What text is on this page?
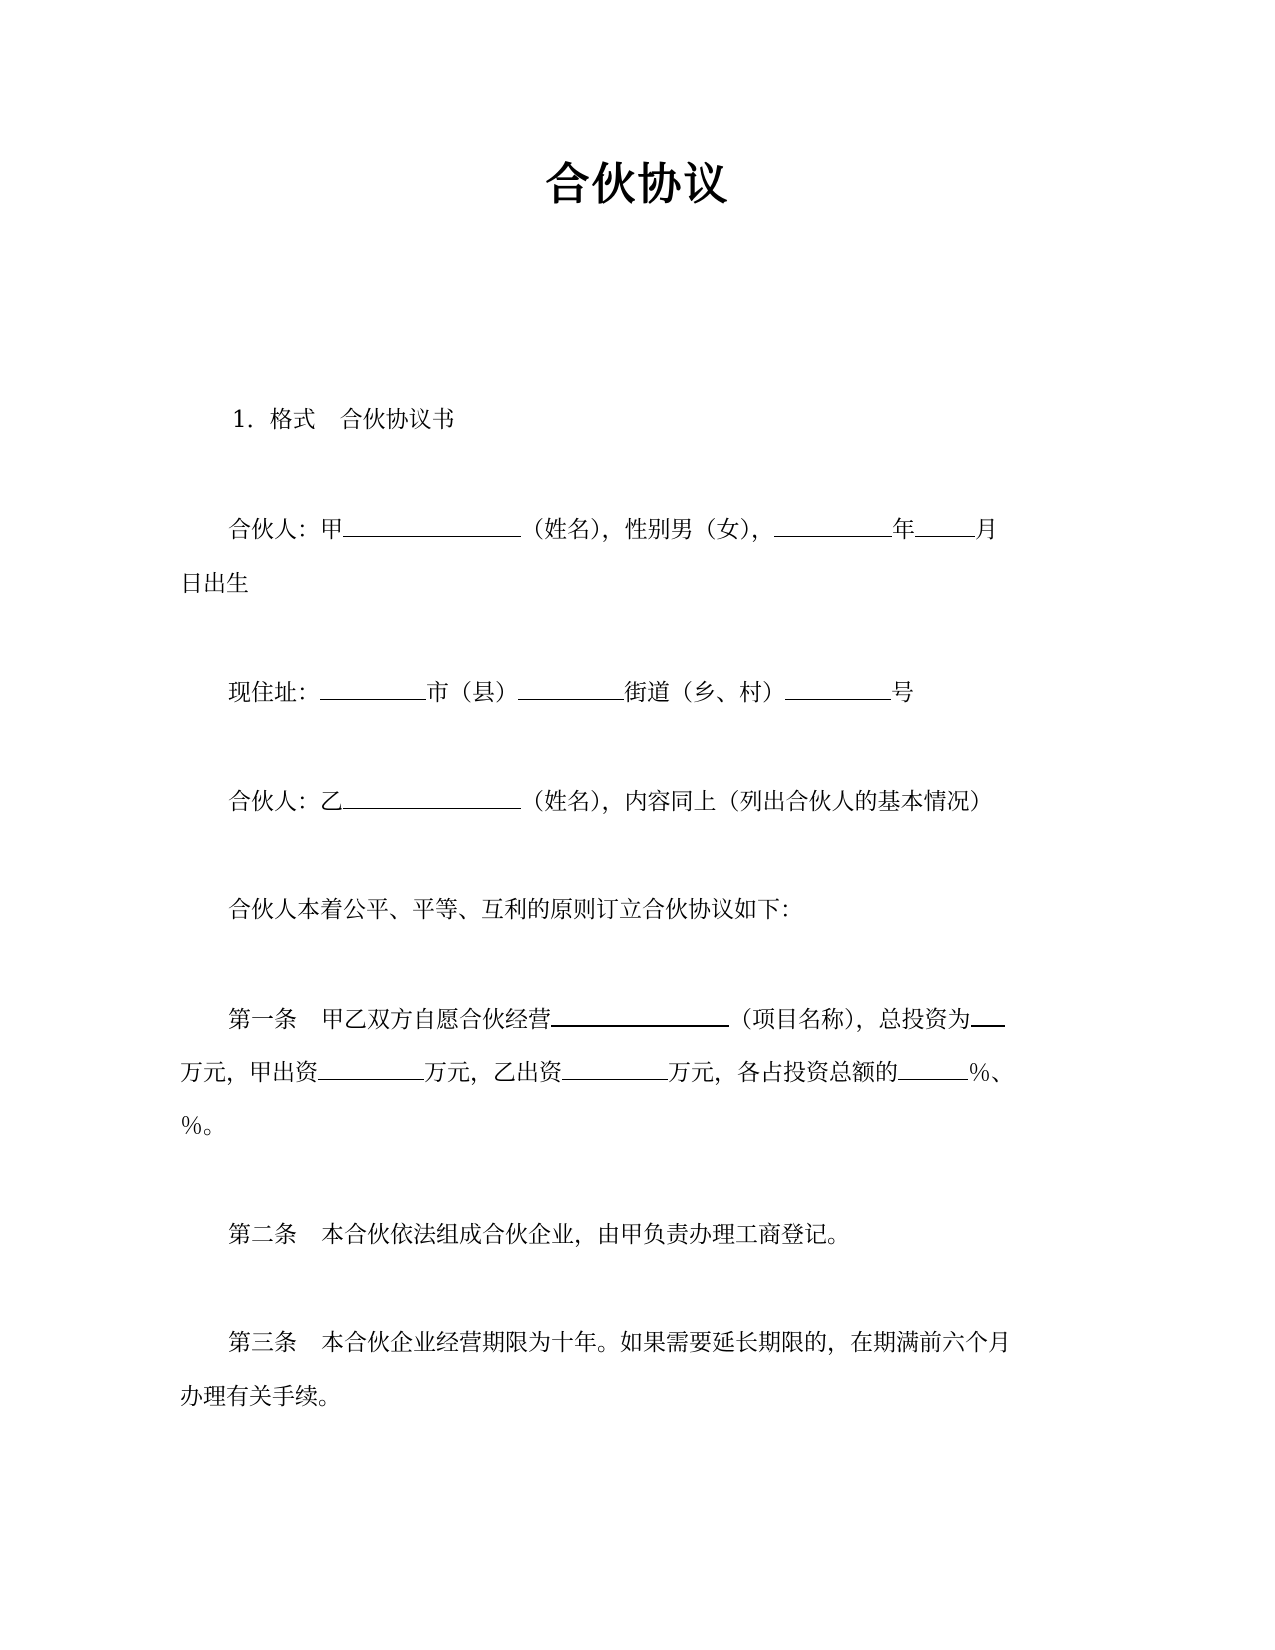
合伙协议
1．格式 合伙协议书
合伙人：甲	（姓名），性别男（女），	年	月
日出生
现住址：	市（县）	街道（乡、村）	号
合伙人：乙	（姓名），内容同上（列出合伙人的基本情况）
合伙人本着公平、平等、互利的原则订立合伙协议如下：
第一条 甲乙双方自愿合伙经营	（项目名称），总投资为
万元，甲出资	万元，乙出资	万元，各占投资总额的	％、
％。
第二条 本合伙依法组成合伙企业，由甲负责办理工商登记。
第三条 本合伙企业经营期限为十年。如果需要延长期限的，在期满前六个月
办理有关手续。
